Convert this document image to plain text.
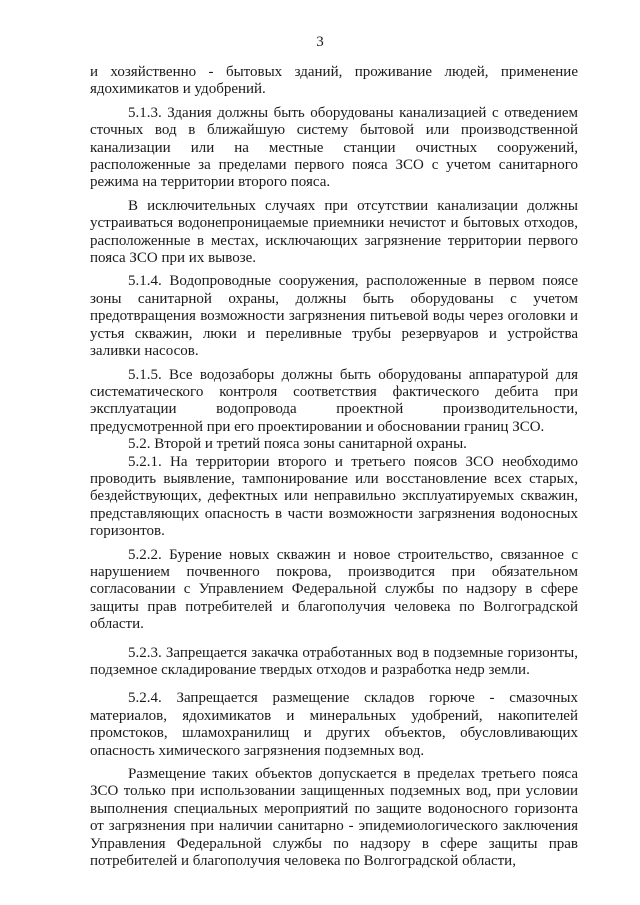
3

и хозяйственно - бытовых зданий, проживание людей, применение ядохимикатов и удобрений.

5.1.3. Здания должны быть оборудованы канализацией с отведением сточных вод в ближайшую систему бытовой или производственной канализации или на местные станции очистных сооружений, расположенные за пределами первого пояса ЗСО с учетом санитарного режима на территории второго пояса.

В исключительных случаях при отсутствии канализации должны устраиваться водонепроницаемые приемники нечистот и бытовых отходов, расположенные в местах, исключающих загрязнение территории первого пояса ЗСО при их вывозе.

5.1.4. Водопроводные сооружения, расположенные в первом поясе зоны санитарной охраны, должны быть оборудованы с учетом предотвращения возможности загрязнения питьевой воды через оголовки и устья скважин, люки и переливные трубы резервуаров и устройства заливки насосов.

5.1.5. Все водозаборы должны быть оборудованы аппаратурой для систематического контроля соответствия фактического дебита при эксплуатации водопровода проектной производительности, предусмотренной при его проектировании и обосновании границ ЗСО.

5.2. Второй и третий пояса зоны санитарной охраны.

5.2.1. На территории второго и третьего поясов ЗСО необходимо проводить выявление, тампонирование или восстановление всех старых, бездействующих, дефектных или неправильно эксплуатируемых скважин, представляющих опасность в части возможности загрязнения водоносных горизонтов.

5.2.2. Бурение новых скважин и новое строительство, связанное с нарушением почвенного покрова, производится при обязательном согласовании с Управлением Федеральной службы по надзору в сфере защиты прав потребителей и благополучия человека по Волгоградской области.

5.2.3. Запрещается закачка отработанных вод в подземные горизонты, подземное складирование твердых отходов и разработка недр земли.

5.2.4. Запрещается размещение складов горюче - смазочных материалов, ядохимикатов и минеральных удобрений, накопителей промстоков, шламохранилищ и других объектов, обусловливающих опасность химического загрязнения подземных вод.

Размещение таких объектов допускается в пределах третьего пояса ЗСО только при использовании защищенных подземных вод, при условии выполнения специальных мероприятий по защите водоносного горизонта от загрязнения при наличии санитарно - эпидемиологического заключения Управления Федеральной службы по надзору в сфере защиты прав потребителей и благополучия человека по Волгоградской области,
